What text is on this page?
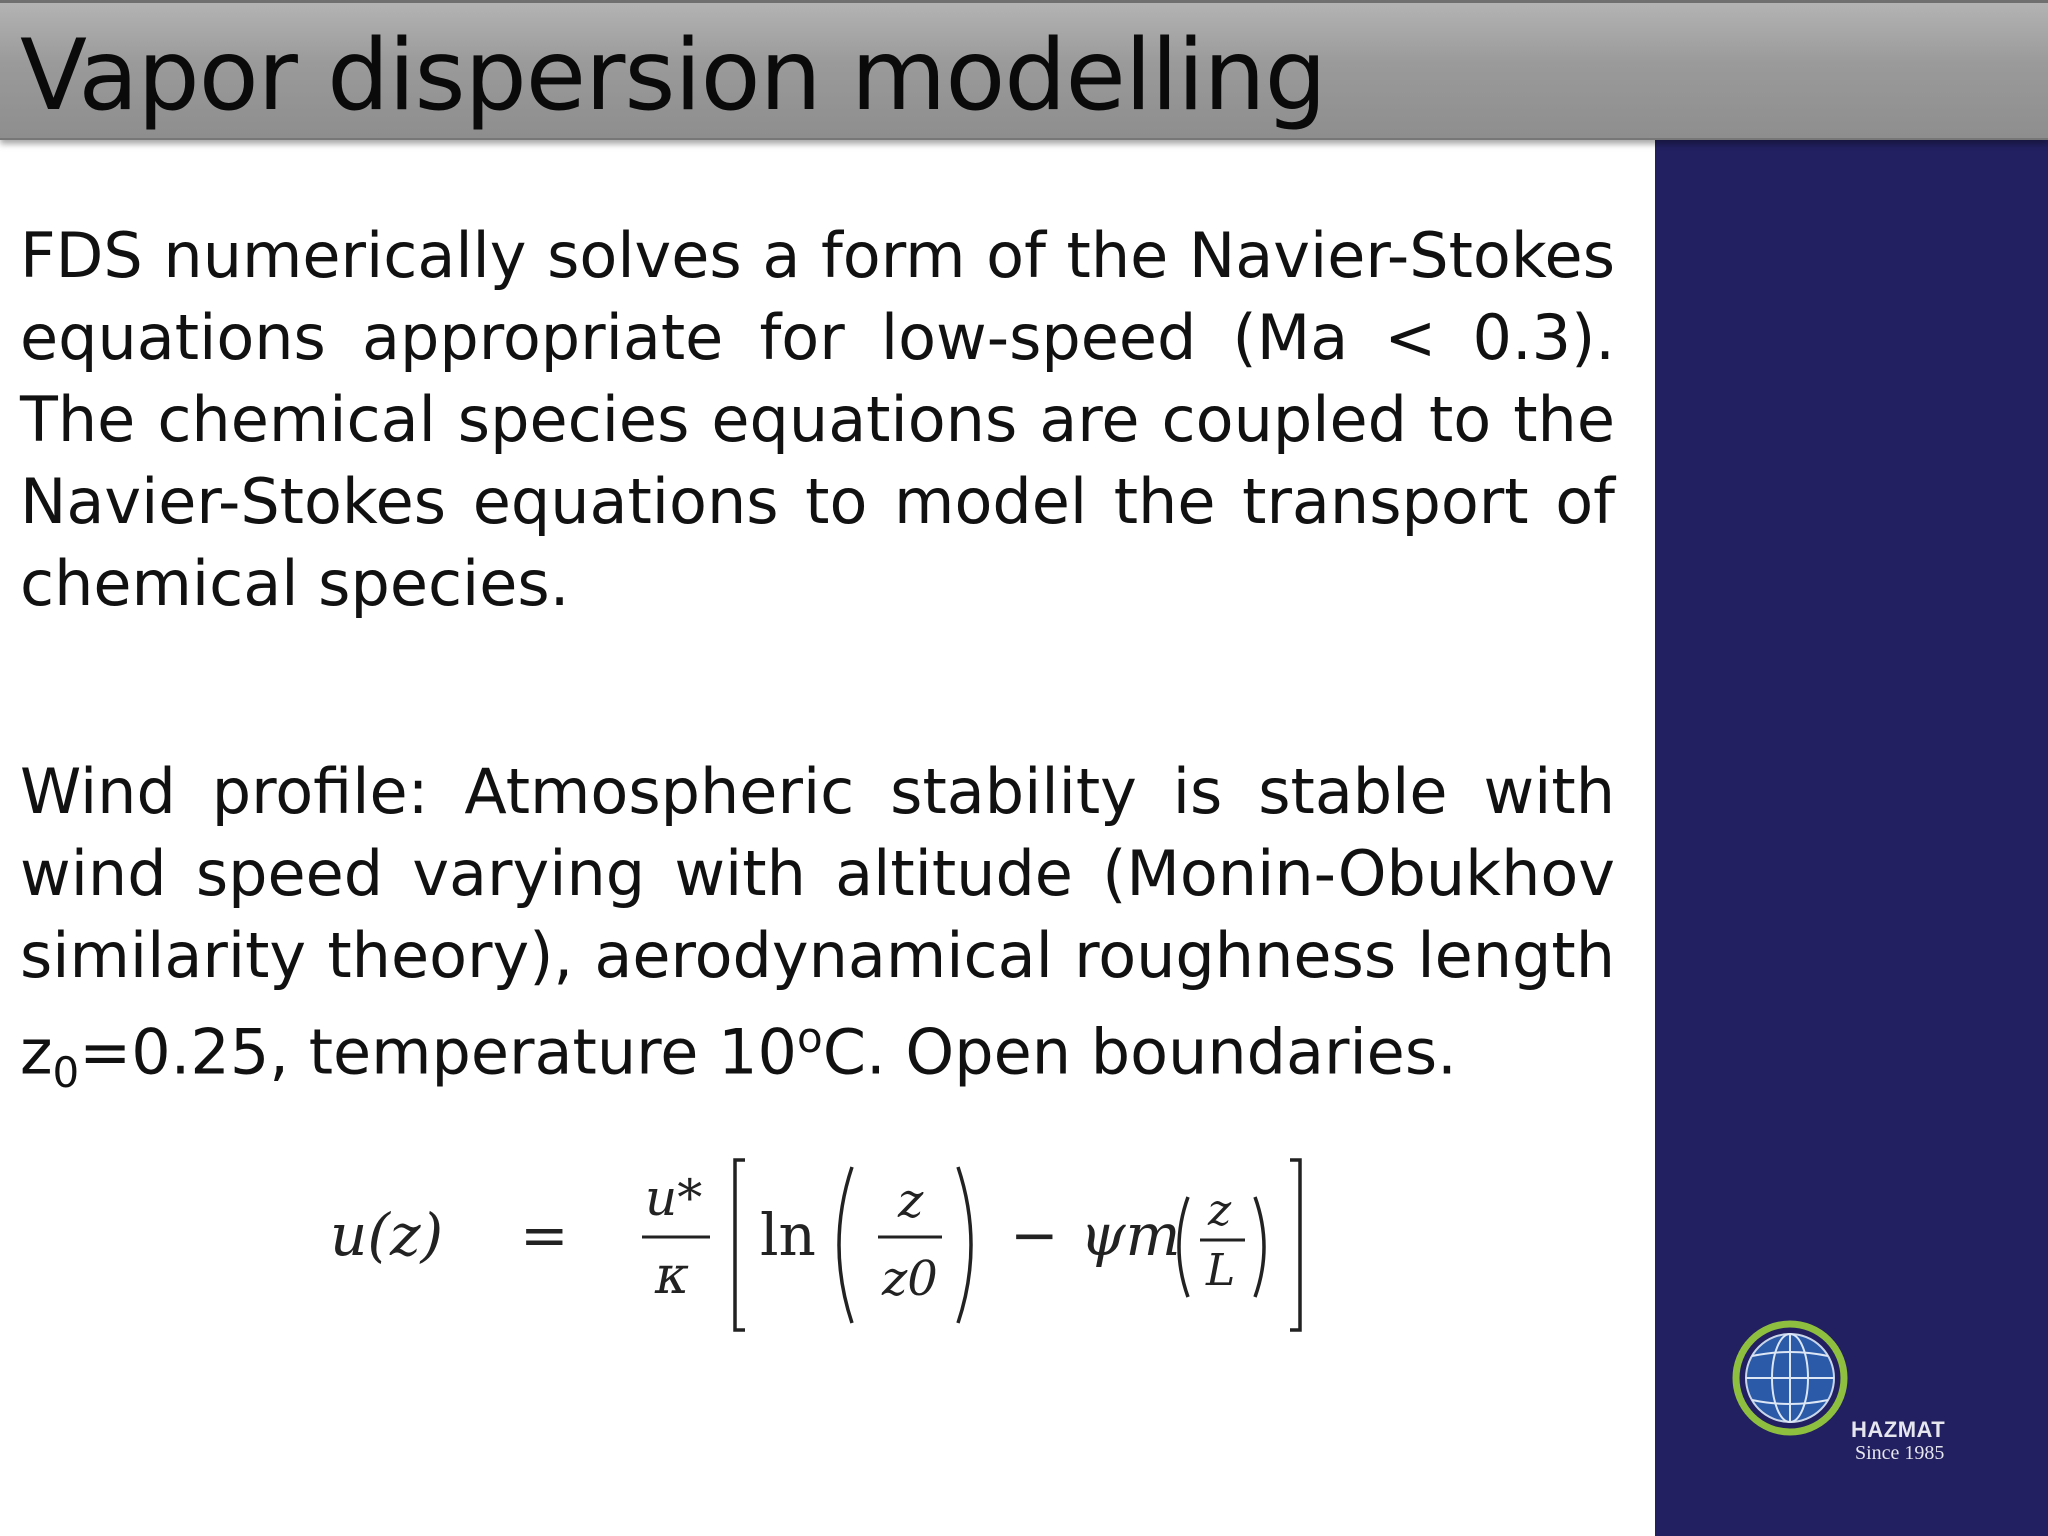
Vapor dispersion modelling

FDS numerically solves a form of the Navier-Stokes equations appropriate for low-speed (Ma < 0.3). The chemical species equations are coupled to the Navier-Stokes equations to model the transport of chemical species.

Wind profile: Atmospheric stability is stable with wind speed varying with altitude (Monin-Obukhov similarity theory), aerodynamical roughness length $z_0=0.25$, temperature 10$^o$C. Open boundaries.

u(z) =
u*
κ
ln z
z0
− ψm z
L
HAZMAT
Since 1985
